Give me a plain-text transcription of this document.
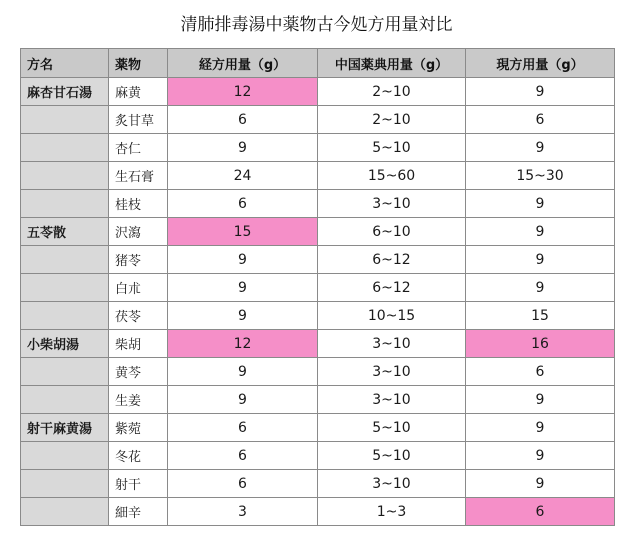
清肺排毒湯中薬物古今処方用量対比
方名	薬物	経方用量（g）	中国薬典用量（g）	現方用量（g）
麻杏甘石湯	麻黄	12	2~10	9
	炙甘草	6	2~10	6
	杏仁	9	5~10	9
	生石膏	24	15~60	15~30
	桂枝	6	3~10	9
五苓散	沢瀉	15	6~10	9
	猪苓	9	6~12	9
	白朮	9	6~12	9
	茯苓	9	10~15	15
小柴胡湯	柴胡	12	3~10	16
	黄芩	9	3~10	6
	生姜	9	3~10	9
射干麻黄湯	紫菀	6	5~10	9
	冬花	6	5~10	9
	射干	6	3~10	9
	細辛	3	1~3	6
